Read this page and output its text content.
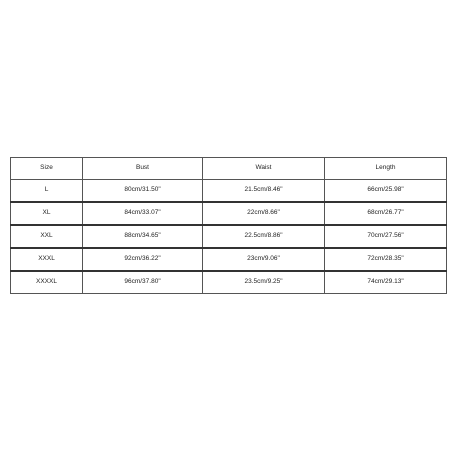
Size	Bust	Waist	Length
L	80cm/31.50"	21.5cm/8.46"	66cm/25.98"
XL	84cm/33.07"	22cm/8.66"	68cm/26.77"
XXL	88cm/34.65"	22.5cm/8.86"	70cm/27.56"
XXXL	92cm/36.22"	23cm/9.06"	72cm/28.35"
XXXXL	96cm/37.80"	23.5cm/9.25"	74cm/29.13"
